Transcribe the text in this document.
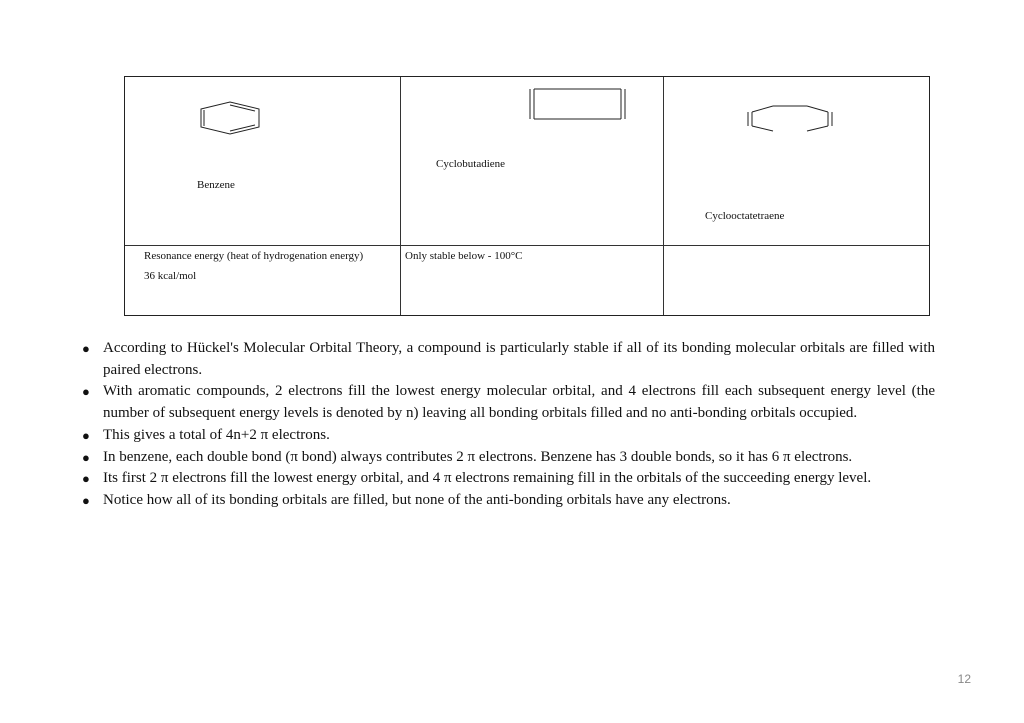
Benzene
Cyclobutadiene
Cyclooctatetraene
Resonance energy (heat of hydrogenation energy)
36 kcal/mol
Only stable below - 100°C
● According to Hückel's Molecular Orbital Theory, a compound is particularly stable if all of its bonding molecular orbitals are filled with paired electrons.
● With aromatic compounds, 2 electrons fill the lowest energy molecular orbital, and 4 electrons fill each subsequent energy level (the number of subsequent energy levels is denoted by n) leaving all bonding orbitals filled and no anti-bonding orbitals occupied.
● This gives a total of 4n+2 π electrons.
● In benzene, each double bond (π bond) always contributes 2 π electrons. Benzene has 3 double bonds, so it has 6 π electrons.
● Its first 2 π electrons fill the lowest energy orbital, and 4 π electrons remaining fill in the orbitals of the succeeding energy level.
● Notice how all of its bonding orbitals are filled, but none of the anti-bonding orbitals have any electrons.
12
